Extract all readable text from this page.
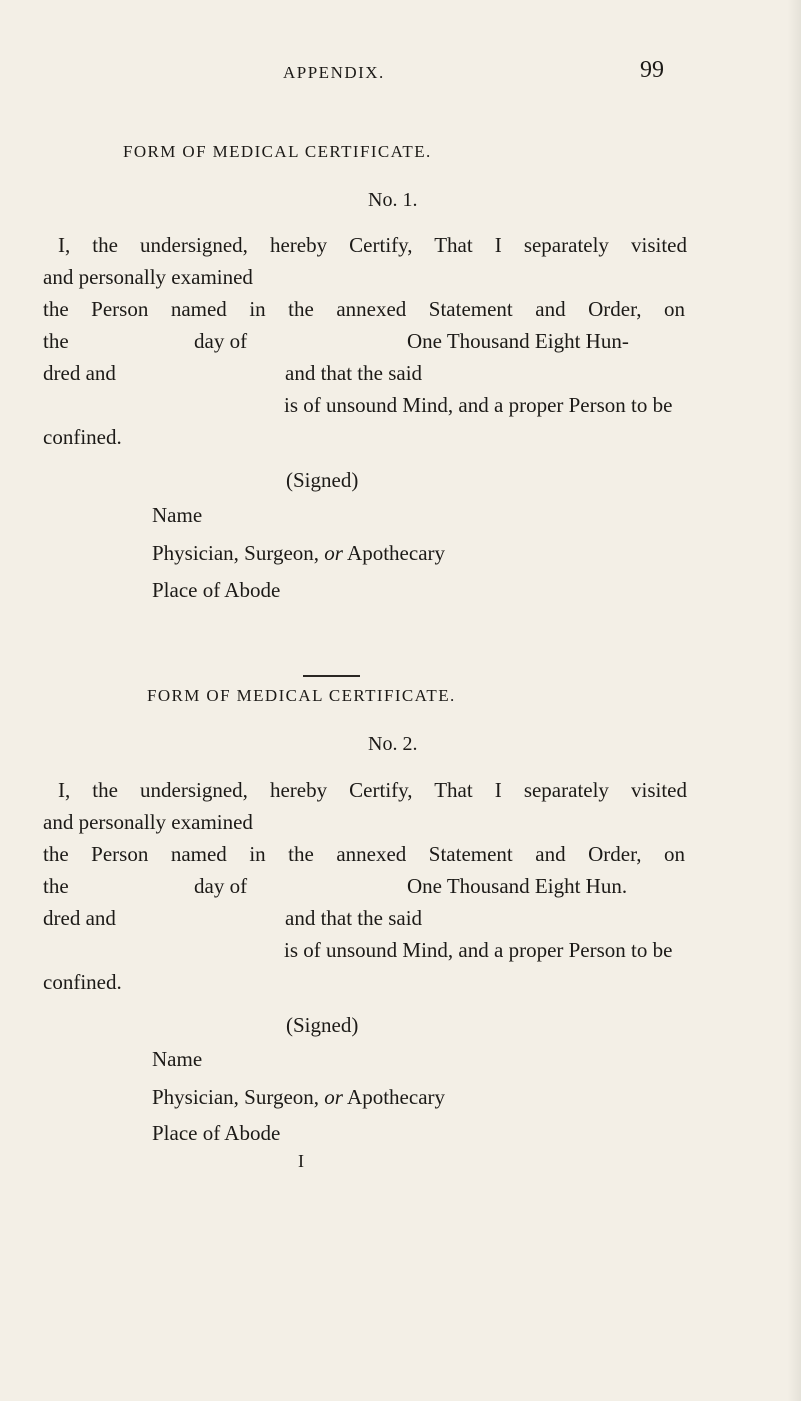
APPENDIX.	99
FORM OF MEDICAL CERTIFICATE.
No. 1.
I, the undersigned, hereby Certify, That I separately visited
and personally examined
the Person named in the annexed Statement and Order, on
the	day of	One Thousand Eight Hun-
dred and	and that the said
is of unsound Mind, and a proper Person to be
confined.
(Signed)
Name
Physician, Surgeon, or Apothecary
Place of Abode
FORM OF MEDICAL CERTIFICATE.
No. 2.
I, the undersigned, hereby Certify, That I separately visited
and personally examined
the Person named in the annexed Statement and Order, on
the	day of	One Thousand Eight Hun.
dred and	and that the said
is of unsound Mind, and a proper Person to be
confined.
(Signed)
Name
Physician, Surgeon, or Apothecary
Place of Abode
I
